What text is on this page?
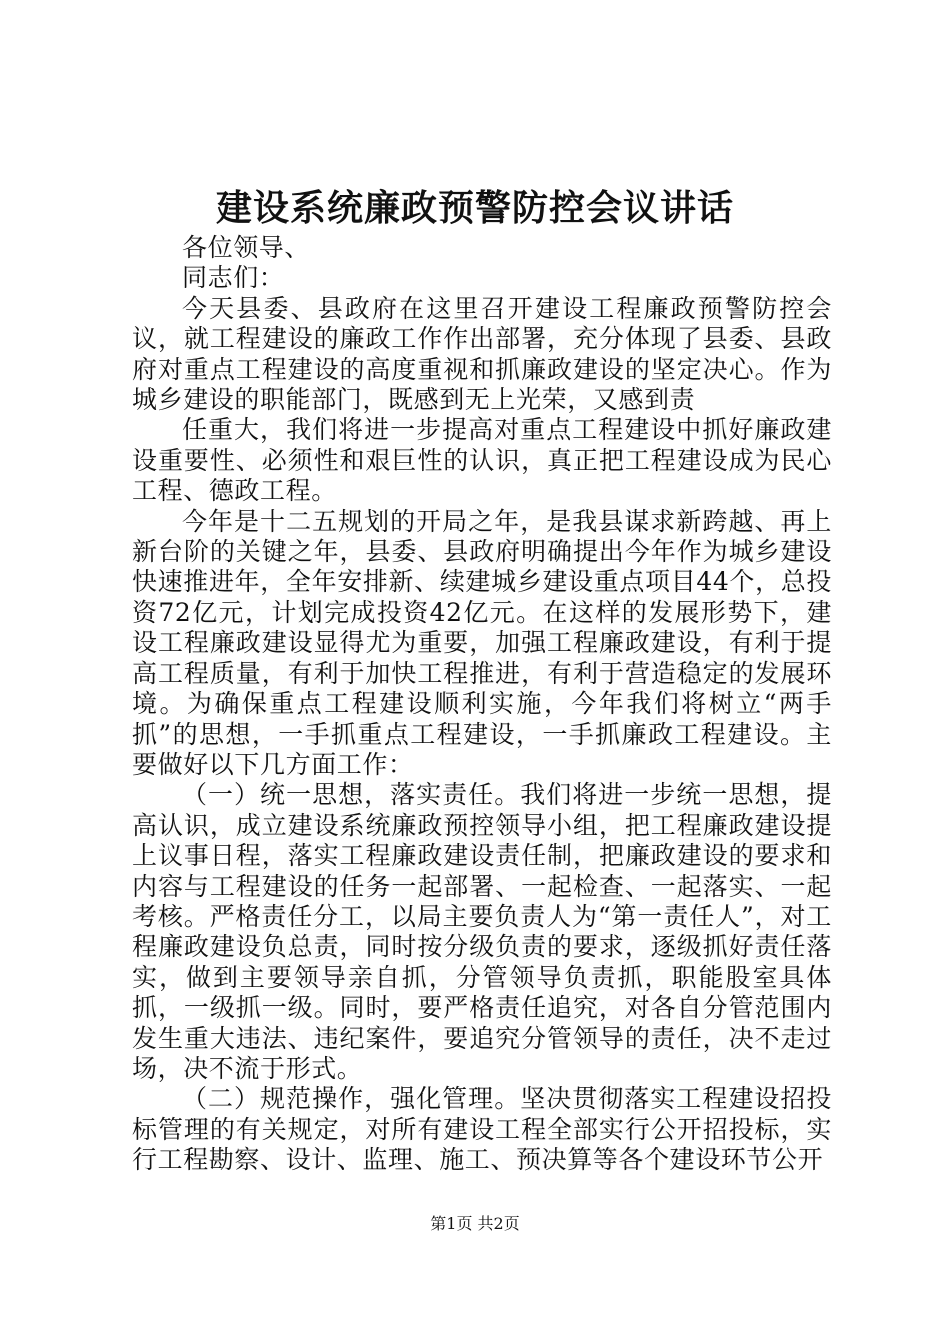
建设系统廉政预警防控会议讲话

各位领导、

同志们：

今天县委、县政府在这里召开建设工程廉政预警防控会议，就工程建设的廉政工作作出部署，充分体现了县委、县政府对重点工程建设的高度重视和抓廉政建设的坚定决心。作为城乡建设的职能部门，既感到无上光荣，又感到责

任重大，我们将进一步提高对重点工程建设中抓好廉政建设重要性、必须性和艰巨性的认识，真正把工程建设成为民心工程、德政工程。

今年是十二五规划的开局之年，是我县谋求新跨越、再上新台阶的关键之年，县委、县政府明确提出今年作为城乡建设快速推进年，全年安排新、续建城乡建设重点项目44个，总投资72亿元，计划完成投资42亿元。在这样的发展形势下，建设工程廉政建设显得尤为重要，加强工程廉政建设，有利于提高工程质量，有利于加快工程推进，有利于营造稳定的发展环境。为确保重点工程建设顺利实施，今年我们将树立“两手抓”的思想，一手抓重点工程建设，一手抓廉政工程建设。主要做好以下几方面工作：

（一）统一思想，落实责任。我们将进一步统一思想，提高认识，成立建设系统廉政预控领导小组，把工程廉政建设提上议事日程，落实工程廉政建设责任制，把廉政建设的要求和内容与工程建设的任务一起部署、一起检查、一起落实、一起考核。严格责任分工，以局主要负责人为“第一责任人”，对工程廉政建设负总责，同时按分级负责的要求，逐级抓好责任落实，做到主要领导亲自抓，分管领导负责抓，职能股室具体抓，一级抓一级。同时，要严格责任追究，对各自分管范围内发生重大违法、违纪案件，要追究分管领导的责任，决不走过场，决不流于形式。

（二）规范操作，强化管理。坚决贯彻落实工程建设招投标管理的有关规定，对所有建设工程全部实行公开招投标，实行工程勘察、设计、监理、施工、预决算等各个建设环节公开

第1页 共2页
